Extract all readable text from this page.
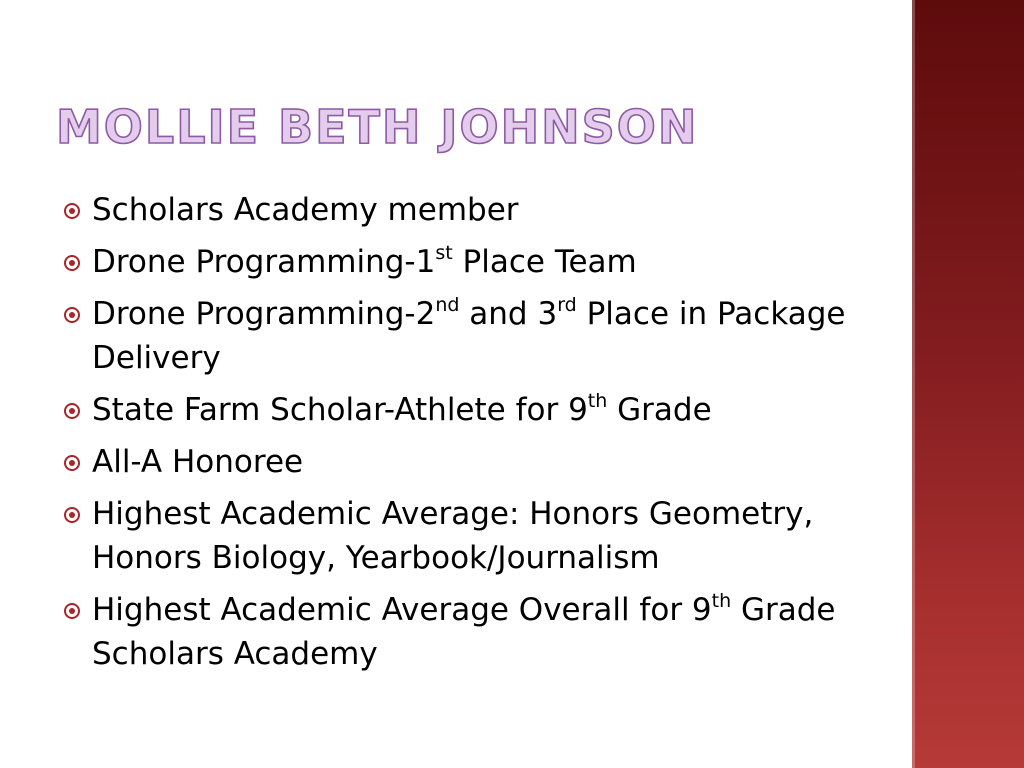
MOLLIE BETH JOHNSON
Scholars Academy member
Drone Programming-1st Place Team
Drone Programming-2nd and 3rd Place in Package Delivery
State Farm Scholar-Athlete for 9th Grade
All-A Honoree
Highest Academic Average: Honors Geometry, Honors Biology, Yearbook/Journalism
Highest Academic Average Overall for 9th Grade Scholars Academy
